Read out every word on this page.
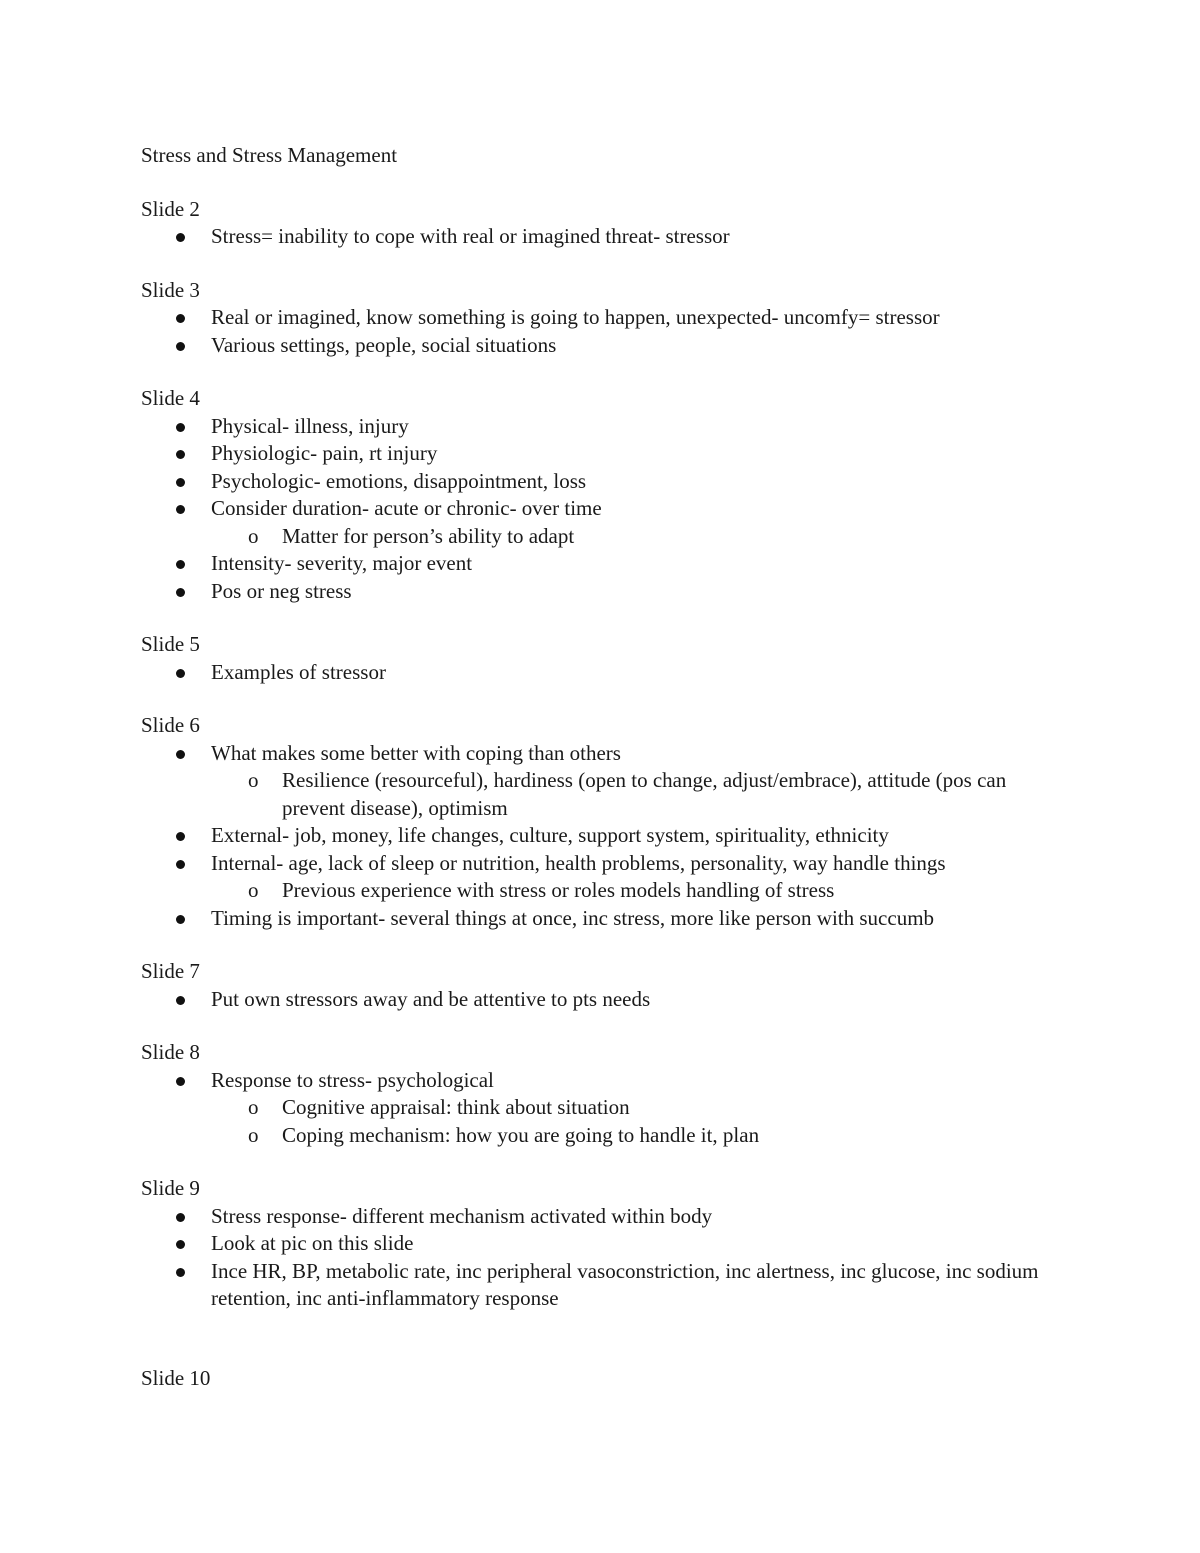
Stress and Stress Management
Slide 2
Stress= inability to cope with real or imagined threat- stressor
Slide 3
Real or imagined, know something is going to happen, unexpected- uncomfy= stressor
Various settings, people, social situations
Slide 4
Physical- illness, injury
Physiologic- pain, rt injury
Psychologic- emotions, disappointment, loss
Consider duration- acute or chronic- over time
o Matter for person’s ability to adapt
Intensity- severity, major event
Pos or neg stress
Slide 5
Examples of stressor
Slide 6
What makes some better with coping than others
o Resilience (resourceful), hardiness (open to change, adjust/embrace), attitude (pos can prevent disease), optimism
External- job, money, life changes, culture, support system, spirituality, ethnicity
Internal- age, lack of sleep or nutrition, health problems, personality, way handle things
o Previous experience with stress or roles models handling of stress
Timing is important- several things at once, inc stress, more like person with succumb
Slide 7
Put own stressors away and be attentive to pts needs
Slide 8
Response to stress- psychological
o Cognitive appraisal: think about situation
o Coping mechanism: how you are going to handle it, plan
Slide 9
Stress response- different mechanism activated within body
Look at pic on this slide
Ince HR, BP, metabolic rate, inc peripheral vasoconstriction, inc alertness, inc glucose, inc sodium retention, inc anti-inflammatory response
Slide 10
